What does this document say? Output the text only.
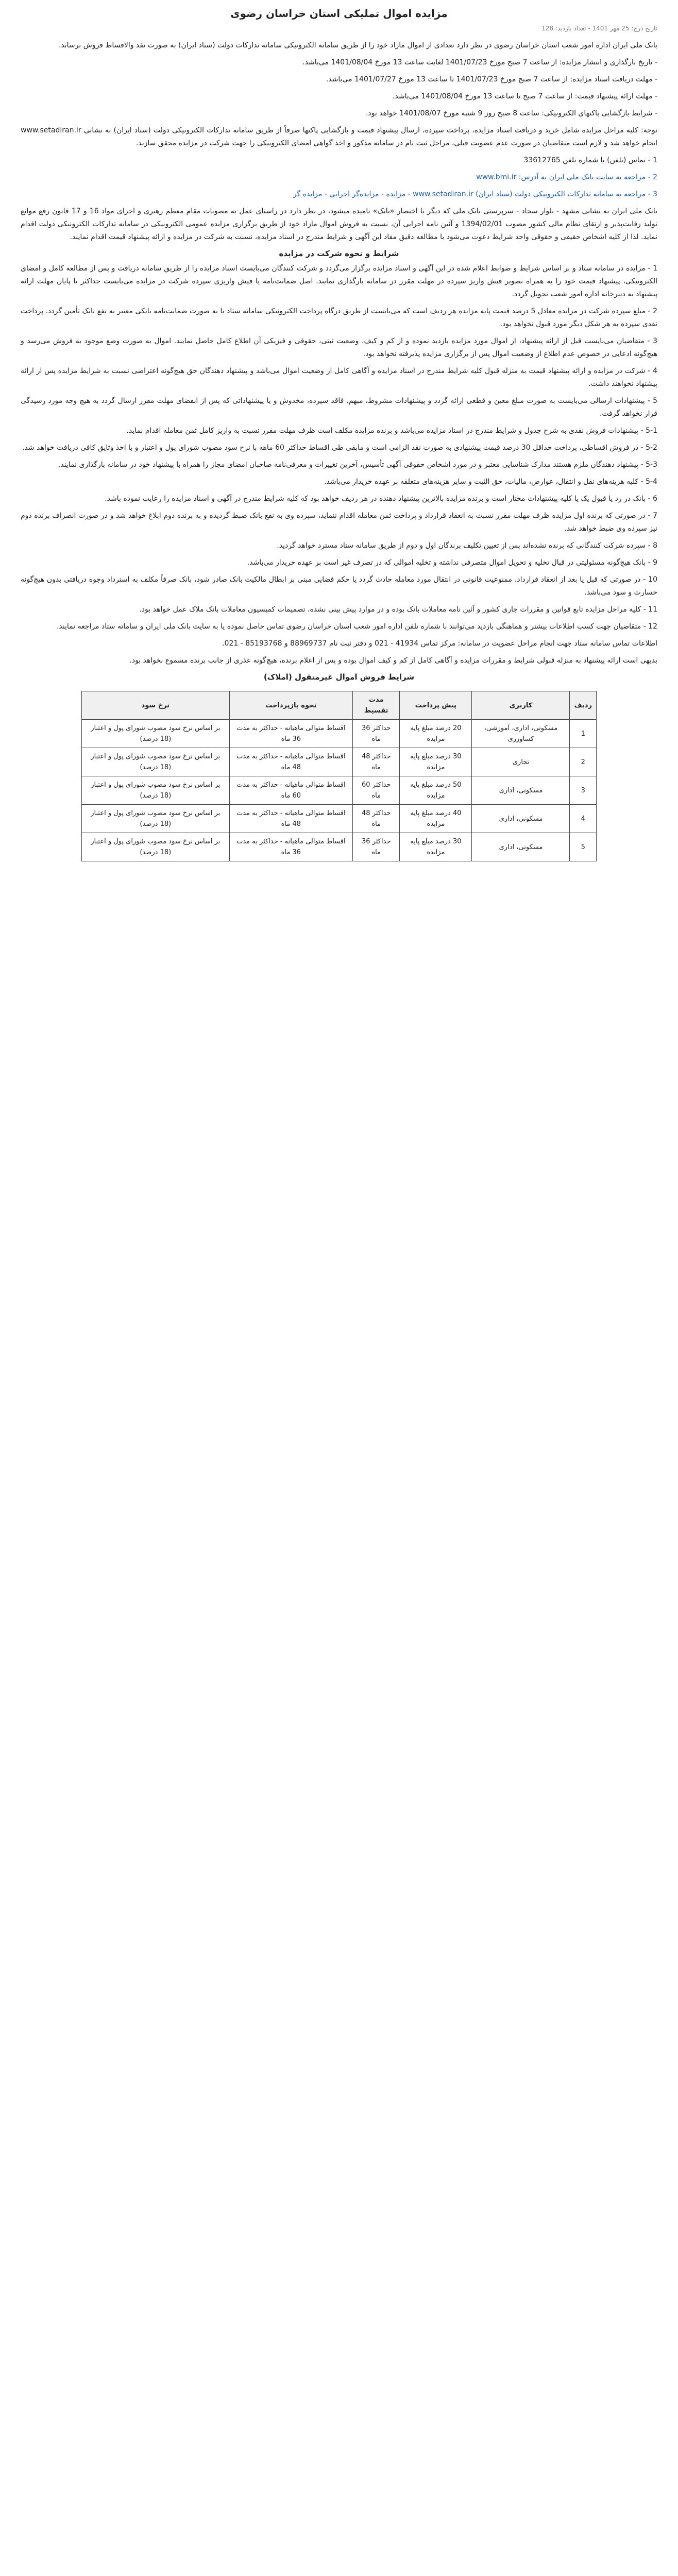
مزایده اموال تملیکی استان خراسان رضوی
تاریخ درج: 25 مهر 1401 - تعداد بازدید: 128
بانک ملی ایران اداره امور شعب استان خراسان رضوی در نظر دارد تعدادی از اموال مازاد خود را از طریق سامانه الکترونیکی سامانه تدارکات دولت (ستاد ایران) به صورت نقد والاقساط فروش برساند.
- تاریخ بارگذاری و انتشار مزایده: از ساعت 7 صبح مورخ 1401/07/23 لغایت ساعت 13 مورخ 1401/08/04 می‌باشد.
- مهلت دریافت اسناد مزایده: از ساعت 7 صبح مورخ 1401/07/23 تا ساعت 13 مورخ 1401/07/27 می‌باشد.
- مهلت ارائه پیشنهاد قیمت: از ساعت 7 صبح تا ساعت 13 مورخ 1401/08/04 می‌باشد.
- شرایط بازگشایی پاکتهای الکترونیکی: ساعت 8 صبح روز 9 شنبه مورخ 1401/08/07 خواهد بود.
توجه: کلیه مراحل مزایده شامل خرید و دریافت اسناد مزایده، پرداخت سپرده، ارسال پیشنهاد قیمت و بازگشایی پاکتها صرفاً از طریق سامانه تدارکات الکترونیکی دولت (ستاد ایران) به نشانی www.setadiran.ir انجام خواهد شد و لازم است متقاضیان در صورت عدم عضویت قبلی، مراحل ثبت نام در سامانه مذکور و اخذ گواهی امضای الکترونیکی را جهت شرکت در مزایده محقق سازند.
1 - تماس (تلفن) با شماره تلفن 33612765
2 - مراجعه به سایت بانک ملی ایران به آدرس: www.bmi.ir
3 - مراجعه به سامانه تدارکات الکترونیکی دولت (ستاد ایران) www.setadiran.ir - مزایده - مزایده‌گر اجرایی - مزایده گر
بانک ملی ایران به نشانی مشهد - بلوار سجاد - سرپرستی بانک ملی که دیگر با اختصار «بانک» نامیده میشود، در نظر دارد در راستای عمل به مصوبات مقام معظم رهبری و اجرای مواد 16 و 17 قانون رفع موانع تولید رقابت‌پذیر و ارتقای نظام مالی کشور مصوب 1394/02/01 و آئین نامه اجرایی آن، نسبت به فروش اموال مازاد خود از طریق برگزاری مزایده عمومی الکترونیکی در سامانه تدارکات الکترونیکی دولت اقدام نماید. لذا از کلیه اشخاص حقیقی و حقوقی واجد شرایط دعوت می‌شود با مطالعه دقیق مفاد این آگهی و شرایط مندرج در اسناد مزایده، نسبت به شرکت در مزایده و ارائه پیشنهاد قیمت اقدام نمایند.
شرایط و نحوه شرکت در مزایده
1 - مزایده در سامانه ستاد و بر اساس شرایط و ضوابط اعلام شده در این آگهی و اسناد مزایده برگزار می‌گردد و شرکت کنندگان می‌بایست اسناد مزایده را از طریق سامانه دریافت و پس از مطالعه کامل و امضای الکترونیکی، پیشنهاد قیمت خود را به همراه تصویر فیش واریز سپرده در مهلت مقرر در سامانه بارگذاری نمایند. اصل ضمانت‌نامه یا فیش واریزی سپرده شرکت در مزایده می‌بایست حداکثر تا پایان مهلت ارائه پیشنهاد به دبیرخانه اداره امور شعب تحویل گردد.
2 - مبلغ سپرده شرکت در مزایده معادل 5 درصد قیمت پایه مزایده هر ردیف است که می‌بایست از طریق درگاه پرداخت الکترونیکی سامانه ستاد یا به صورت ضمانت‌نامه بانکی معتبر به نفع بانک تأمین گردد. پرداخت نقدی سپرده به هر شکل دیگر مورد قبول نخواهد بود.
3 - متقاضیان می‌بایست قبل از ارائه پیشنهاد، از اموال مورد مزایده بازدید نموده و از کم و کیف، وضعیت ثبتی، حقوقی و فیزیکی آن اطلاع کامل حاصل نمایند. اموال به صورت وضع موجود به فروش می‌رسد و هیچ‌گونه ادعایی در خصوص عدم اطلاع از وضعیت اموال پس از برگزاری مزایده پذیرفته نخواهد بود.
4 - شرکت در مزایده و ارائه پیشنهاد قیمت به منزله قبول کلیه شرایط مندرج در اسناد مزایده و آگاهی کامل از وضعیت اموال می‌باشد و پیشنهاد دهندگان حق هیچ‌گونه اعتراضی نسبت به شرایط مزایده پس از ارائه پیشنهاد نخواهند داشت.
5 - پیشنهادات ارسالی می‌بایست به صورت مبلغ معین و قطعی ارائه گردد و پیشنهادات مشروط، مبهم، فاقد سپرده، مخدوش و یا پیشنهاداتی که پس از انقضای مهلت مقرر ارسال گردد به هیچ وجه مورد رسیدگی قرار نخواهد گرفت.
5-1 - پیشنهادات فروش نقدی به شرح جدول و شرایط مندرج در اسناد مزایده می‌باشد و برنده مزایده مکلف است ظرف مهلت مقرر نسبت به واریز کامل ثمن معامله اقدام نماید.
5-2 - در فروش اقساطی، پرداخت حداقل 30 درصد قیمت پیشنهادی به صورت نقد الزامی است و مابقی طی اقساط حداکثر 60 ماهه با نرخ سود مصوب شورای پول و اعتبار و با اخذ وثایق کافی دریافت خواهد شد.
5-3 - پیشنهاد دهندگان ملزم هستند مدارک شناسایی معتبر و در مورد اشخاص حقوقی آگهی تأسیس، آخرین تغییرات و معرفی‌نامه صاحبان امضای مجاز را همراه با پیشنهاد خود در سامانه بارگذاری نمایند.
5-4 - کلیه هزینه‌های نقل و انتقال، عوارض، مالیات، حق الثبت و سایر هزینه‌های متعلقه بر عهده خریدار می‌باشد.
6 - بانک در رد یا قبول یک یا کلیه پیشنهادات مختار است و برنده مزایده بالاترین پیشنهاد دهنده در هر ردیف خواهد بود که کلیه شرایط مندرج در آگهی و اسناد مزایده را رعایت نموده باشد.
7 - در صورتی که برنده اول مزایده ظرف مهلت مقرر نسبت به انعقاد قرارداد و پرداخت ثمن معامله اقدام ننماید، سپرده وی به نفع بانک ضبط گردیده و به برنده دوم ابلاغ خواهد شد و در صورت انصراف برنده دوم نیز سپرده وی ضبط خواهد شد.
8 - سپرده شرکت کنندگانی که برنده نشده‌اند پس از تعیین تکلیف برندگان اول و دوم از طریق سامانه ستاد مسترد خواهد گردید.
9 - بانک هیچ‌گونه مسئولیتی در قبال تخلیه و تحویل اموال متصرفی نداشته و تخلیه اموالی که در تصرف غیر است بر عهده خریدار می‌باشد.
10 - در صورتی که قبل یا بعد از انعقاد قرارداد، ممنوعیت قانونی در انتقال مورد معامله حادث گردد یا حکم قضایی مبنی بر ابطال مالکیت بانک صادر شود، بانک صرفاً مکلف به استرداد وجوه دریافتی بدون هیچ‌گونه خسارت و سود می‌باشد.
11 - کلیه مراحل مزایده تابع قوانین و مقررات جاری کشور و آئین نامه معاملات بانک بوده و در موارد پیش بینی نشده، تصمیمات کمیسیون معاملات بانک ملاک عمل خواهد بود.
12 - متقاضیان جهت کسب اطلاعات بیشتر و هماهنگی بازدید می‌توانند با شماره تلفن اداره امور شعب استان خراسان رضوی تماس حاصل نموده یا به سایت بانک ملی ایران و سامانه ستاد مراجعه نمایند.
اطلاعات تماس سامانه ستاد جهت انجام مراحل عضویت در سامانه: مرکز تماس 41934 - 021 و دفتر ثبت نام 88969737 و 85193768 - 021.
بدیهی است ارائه پیشنهاد به منزله قبولی شرایط و مقررات مزایده و آگاهی کامل از کم و کیف اموال بوده و پس از اعلام برنده، هیچ‌گونه عذری از جانب برنده مسموع نخواهد بود.
شرایط فروش اموال غیرمنقول (املاک)
ردیف	کاربری	پیش پرداخت	مدت تقسیط	نحوه بازپرداخت	نرخ سود
1	مسکونی، اداری، آموزشی، کشاورزی	20 درصد مبلغ پایه مزایده	حداکثر 36 ماه	اقساط متوالی ماهیانه - حداکثر به مدت 36 ماه	بر اساس نرخ سود مصوب شورای پول و اعتبار (18 درصد)
2	تجاری	30 درصد مبلغ پایه مزایده	حداکثر 48 ماه	اقساط متوالی ماهیانه - حداکثر به مدت 48 ماه	بر اساس نرخ سود مصوب شورای پول و اعتبار (18 درصد)
3	مسکونی، اداری	50 درصد مبلغ پایه مزایده	حداکثر 60 ماه	اقساط متوالی ماهیانه - حداکثر به مدت 60 ماه	بر اساس نرخ سود مصوب شورای پول و اعتبار (18 درصد)
4	مسکونی، اداری	40 درصد مبلغ پایه مزایده	حداکثر 48 ماه	اقساط متوالی ماهیانه - حداکثر به مدت 48 ماه	بر اساس نرخ سود مصوب شورای پول و اعتبار (18 درصد)
5	مسکونی، اداری	30 درصد مبلغ پایه مزایده	حداکثر 36 ماه	اقساط متوالی ماهیانه - حداکثر به مدت 36 ماه	بر اساس نرخ سود مصوب شورای پول و اعتبار (18 درصد)
